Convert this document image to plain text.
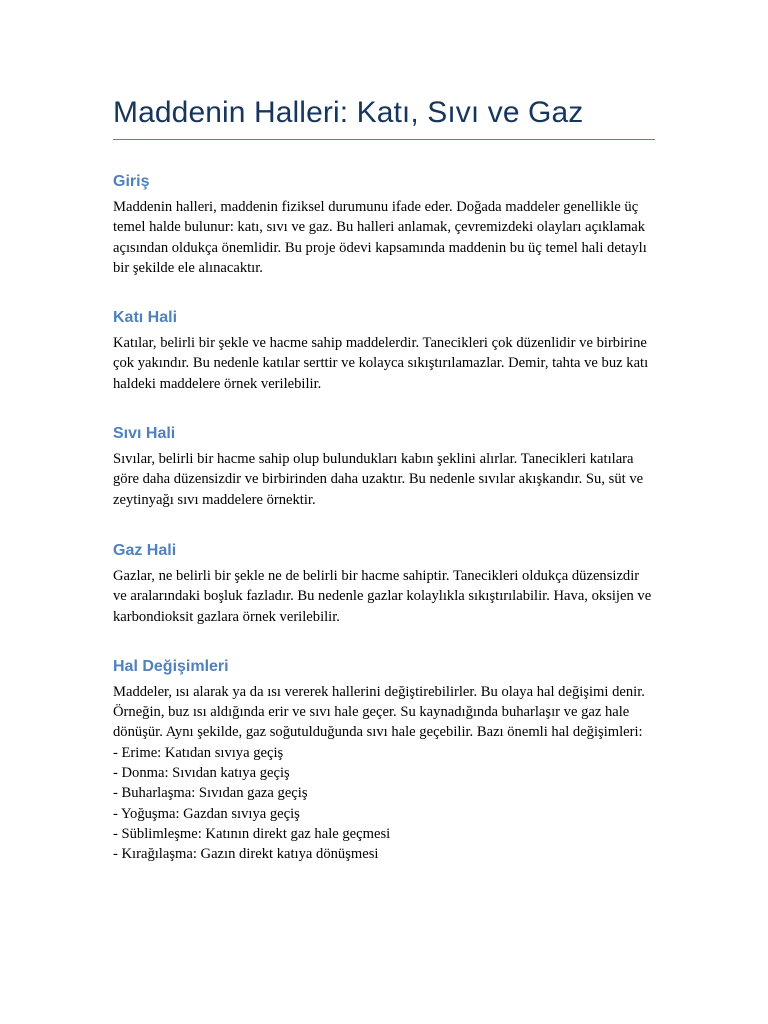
Maddenin Halleri: Katı, Sıvı ve Gaz
Giriş

Maddenin halleri, maddenin fiziksel durumunu ifade eder. Doğada maddeler genellikle üç temel halde bulunur: katı, sıvı ve gaz. Bu halleri anlamak, çevremizdeki olayları açıklamak açısından oldukça önemlidir. Bu proje ödevi kapsamında maddenin bu üç temel hali detaylı bir şekilde ele alınacaktır.

Katı Hali

Katılar, belirli bir şekle ve hacme sahip maddelerdir. Tanecikleri çok düzenlidir ve birbirine çok yakındır. Bu nedenle katılar serttir ve kolayca sıkıştırılamazlar. Demir, tahta ve buz katı haldeki maddelere örnek verilebilir.

Sıvı Hali

Sıvılar, belirli bir hacme sahip olup bulundukları kabın şeklini alırlar. Tanecikleri katılara göre daha düzensizdir ve birbirinden daha uzaktır. Bu nedenle sıvılar akışkandır. Su, süt ve zeytinyağı sıvı maddelere örnektir.

Gaz Hali

Gazlar, ne belirli bir şekle ne de belirli bir hacme sahiptir. Tanecikleri oldukça düzensizdir ve aralarındaki boşluk fazladır. Bu nedenle gazlar kolaylıkla sıkıştırılabilir. Hava, oksijen ve karbondioksit gazlara örnek verilebilir.

Hal Değişimleri

Maddeler, ısı alarak ya da ısı vererek hallerini değiştirebilirler. Bu olaya hal değişimi denir. Örneğin, buz ısı aldığında erir ve sıvı hale geçer. Su kaynadığında buharlaşır ve gaz hale dönüşür. Aynı şekilde, gaz soğutulduğunda sıvı hale geçebilir. Bazı önemli hal değişimleri:

- Erime: Katıdan sıvıya geçiş
- Donma: Sıvıdan katıya geçiş
- Buharlaşma: Sıvıdan gaza geçiş
- Yoğuşma: Gazdan sıvıya geçiş
- Süblimleşme: Katının direkt gaz hale geçmesi
- Kırağılaşma: Gazın direkt katıya dönüşmesi
